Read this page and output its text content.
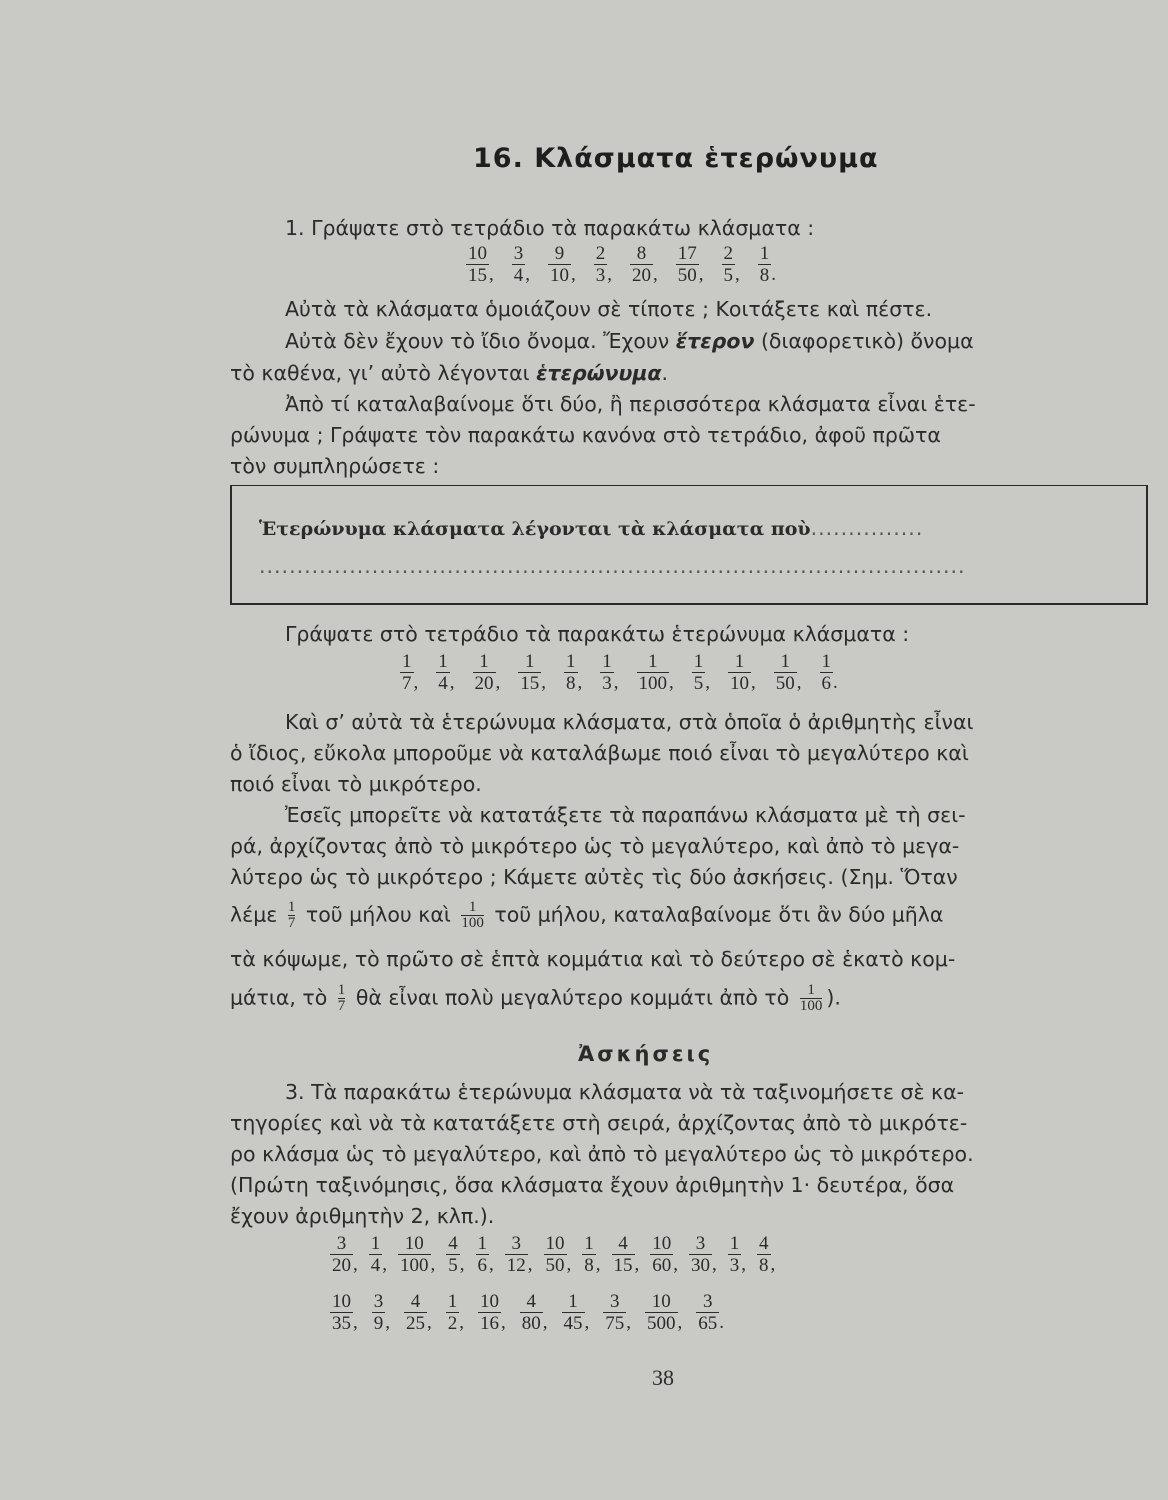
16. Κλάσματα ἑτερώνυμα
1. Γράψατε στὸ τετράδιο τὰ παρακάτω κλάσματα :
$\frac{10}{15}$ , $\frac{3}{4}$ , $\frac{9}{10}$ , $\frac{2}{3}$ , $\frac{8}{20}$ , $\frac{17}{50}$ , $\frac{2}{5}$ , $\frac{1}{8}$ .
Αὐτὰ τὰ κλάσματα ὁμοιάζουν σὲ τίποτε ; Κοιτάξετε καὶ πέστε.
Αὐτὰ δὲν ἔχουν τὸ ἴδιο ὄνομα. Ἔχουν ἕτερον (διαφορετικὸ) ὄνομα
τὸ καθένα, γι’ αὐτὸ λέγονται ἑτερώνυμα.
Ἀπὸ τί καταλαβαίνομε ὅτι δύο, ἢ περισσότερα κλάσματα εἶναι ἑτε-
ρώνυμα ; Γράψατε τὸν παρακάτω κανόνα στὸ τετράδιο, ἀφοῦ πρῶτα
τὸν συμπληρώσετε :
Ἑτερώνυμα κλάσματα λέγονται τὰ κλάσματα ποὺ...............
..............................................................................................
Γράψατε στὸ τετράδιο τὰ παρακάτω ἑτερώνυμα κλάσματα :
$\frac{1}{7}$ , $\frac{1}{4}$ , $\frac{1}{20}$ , $\frac{1}{15}$ , $\frac{1}{8}$ , $\frac{1}{3}$ , $\frac{1}{100}$ , $\frac{1}{5}$ , $\frac{1}{10}$ , $\frac{1}{50}$ , $\frac{1}{6}$ .
Καὶ σ’ αὐτὰ τὰ ἑτερώνυμα κλάσματα, στὰ ὁποῖα ὁ ἀριθμητὴς εἶναι
ὁ ἴδιος, εὔκολα μποροῦμε νὰ καταλάβωμε ποιό εἶναι τὸ μεγαλύτερο καὶ
ποιό εἶναι τὸ μικρότερο.
Ἐσεῖς μπορεῖτε νὰ κατατάξετε τὰ παραπάνω κλάσματα μὲ τὴ σει-
ρά, ἀρχίζοντας ἀπὸ τὸ μικρότερο ὡς τὸ μεγαλύτερο, καὶ ἀπὸ τὸ μεγα-
λύτερο ὡς τὸ μικρότερο ; Κάμετε αὐτὲς τὶς δύο ἀσκήσεις. (Σημ. Ὅταν
λέμε $\frac{1}{7}$ τοῦ μήλου καὶ $\frac{1}{100}$ τοῦ μήλου, καταλαβαίνομε ὅτι ἂν δύο μῆλα
τὰ κόψωμε, τὸ πρῶτο σὲ ἑπτὰ κομμάτια καὶ τὸ δεύτερο σὲ ἑκατὸ κομ-
μάτια, τὸ $\frac{1}{7}$ θὰ εἶναι πολὺ μεγαλύτερο κομμάτι ἀπὸ τὸ $\frac{1}{100}$ ).
Ἀσκήσεις
3. Τὰ παρακάτω ἑτερώνυμα κλάσματα νὰ τὰ ταξινομήσετε σὲ κα-
τηγορίες καὶ νὰ τὰ κατατάξετε στὴ σειρά, ἀρχίζοντας ἀπὸ τὸ μικρότε-
ρο κλάσμα ὡς τὸ μεγαλύτερο, καὶ ἀπὸ τὸ μεγαλύτερο ὡς τὸ μικρότερο.
(Πρώτη ταξινόμησις, ὅσα κλάσματα ἔχουν ἀριθμητὴν 1· δευτέρα, ὅσα
ἔχουν ἀριθμητὴν 2, κλπ.).
$\frac{3}{20}$ , $\frac{1}{4}$ , $\frac{10}{100}$ , $\frac{4}{5}$ , $\frac{1}{6}$ , $\frac{3}{12}$ , $\frac{10}{50}$ , $\frac{1}{8}$ , $\frac{4}{15}$ , $\frac{10}{60}$ , $\frac{3}{30}$ , $\frac{1}{3}$ , $\frac{4}{8}$ ,
$\frac{10}{35}$ , $\frac{3}{9}$ , $\frac{4}{25}$ , $\frac{1}{2}$ , $\frac{10}{16}$ , $\frac{4}{80}$ , $\frac{1}{45}$ , $\frac{3}{75}$ , $\frac{10}{500}$ , $\frac{3}{65}$ .
38
